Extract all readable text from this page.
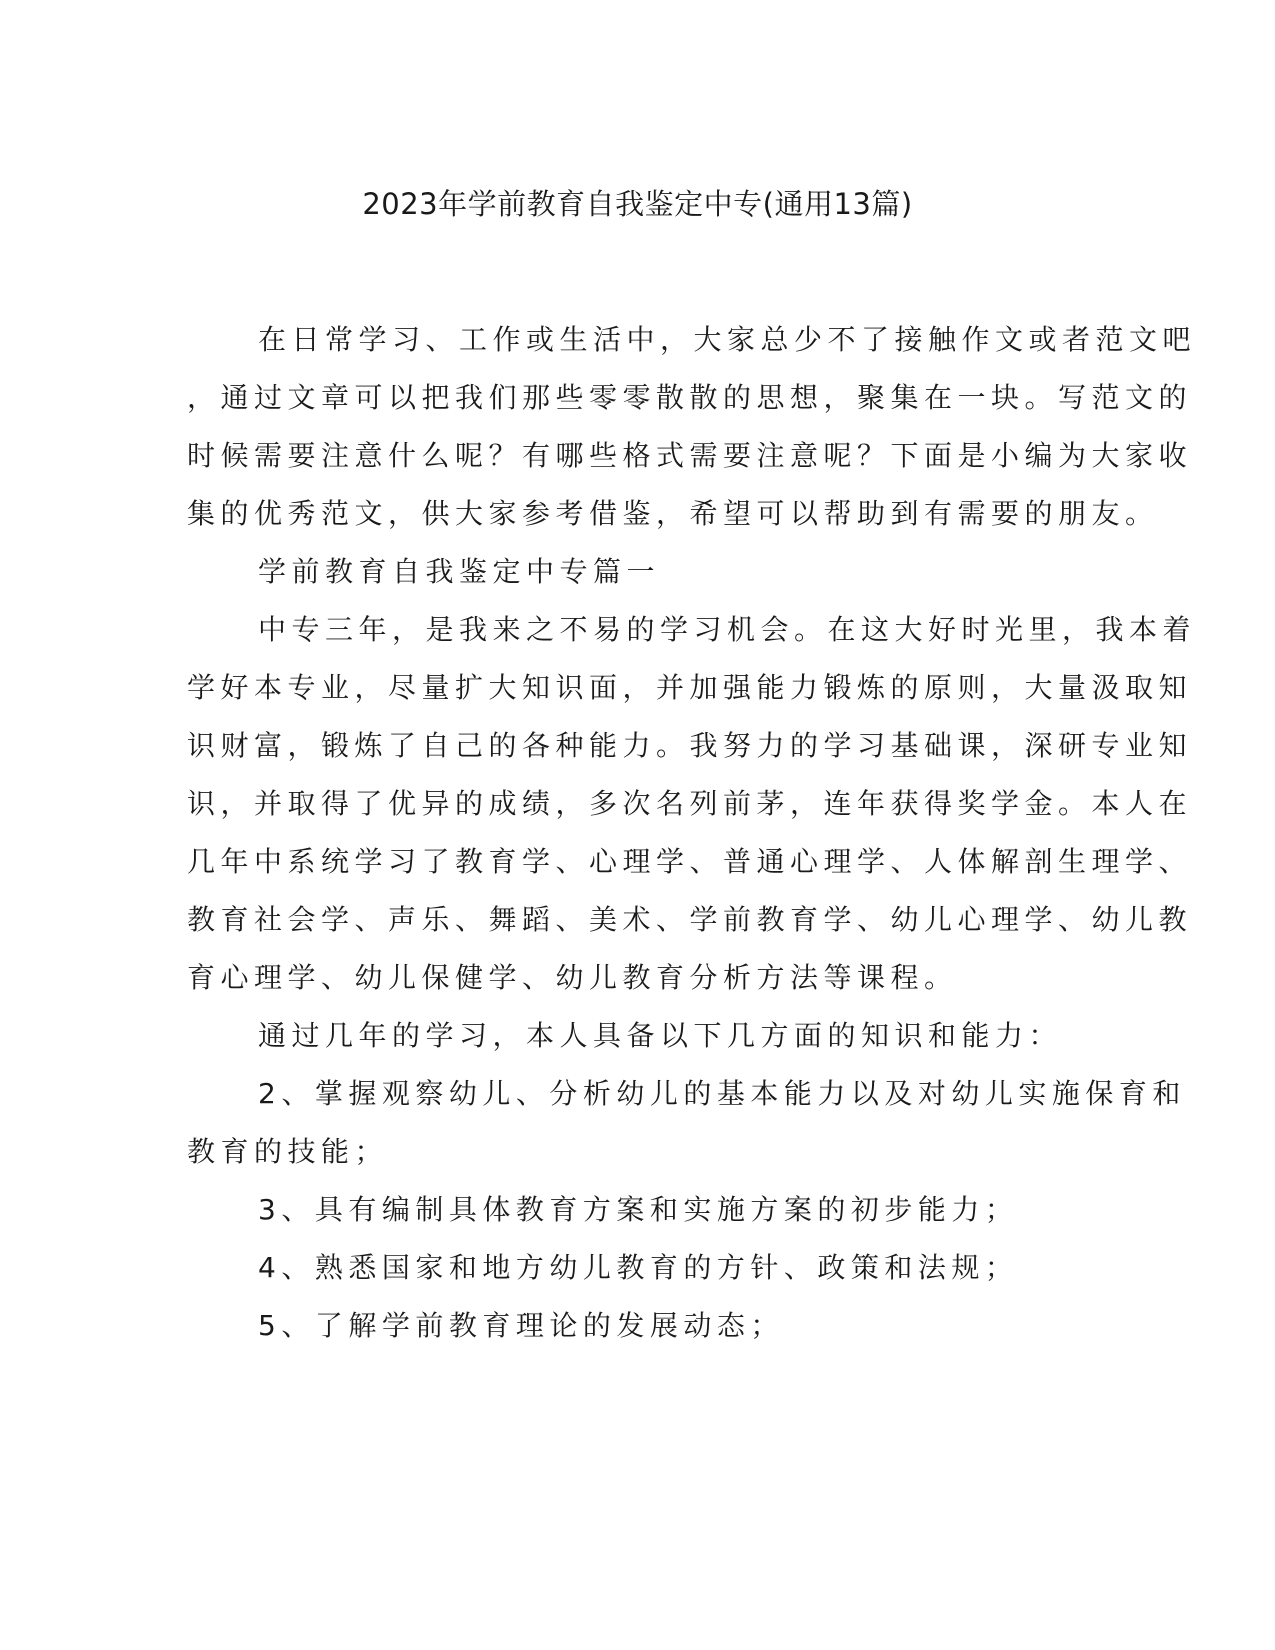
2023年学前教育自我鉴定中专(通用13篇)
在日常学习、工作或生活中，大家总少不了接触作文或者范文吧
，通过文章可以把我们那些零零散散的思想，聚集在一块。写范文的
时候需要注意什么呢？有哪些格式需要注意呢？下面是小编为大家收
集的优秀范文，供大家参考借鉴，希望可以帮助到有需要的朋友。
学前教育自我鉴定中专篇一
中专三年，是我来之不易的学习机会。在这大好时光里，我本着
学好本专业，尽量扩大知识面，并加强能力锻炼的原则，大量汲取知
识财富，锻炼了自己的各种能力。我努力的学习基础课，深研专业知
识，并取得了优异的成绩，多次名列前茅，连年获得奖学金。本人在
几年中系统学习了教育学、心理学、普通心理学、人体解剖生理学、
教育社会学、声乐、舞蹈、美术、学前教育学、幼儿心理学、幼儿教
育心理学、幼儿保健学、幼儿教育分析方法等课程。
通过几年的学习，本人具备以下几方面的知识和能力：
2、掌握观察幼儿、分析幼儿的基本能力以及对幼儿实施保育和
教育的技能；
3、具有编制具体教育方案和实施方案的初步能力；
4、熟悉国家和地方幼儿教育的方针、政策和法规；
5、了解学前教育理论的发展动态；
